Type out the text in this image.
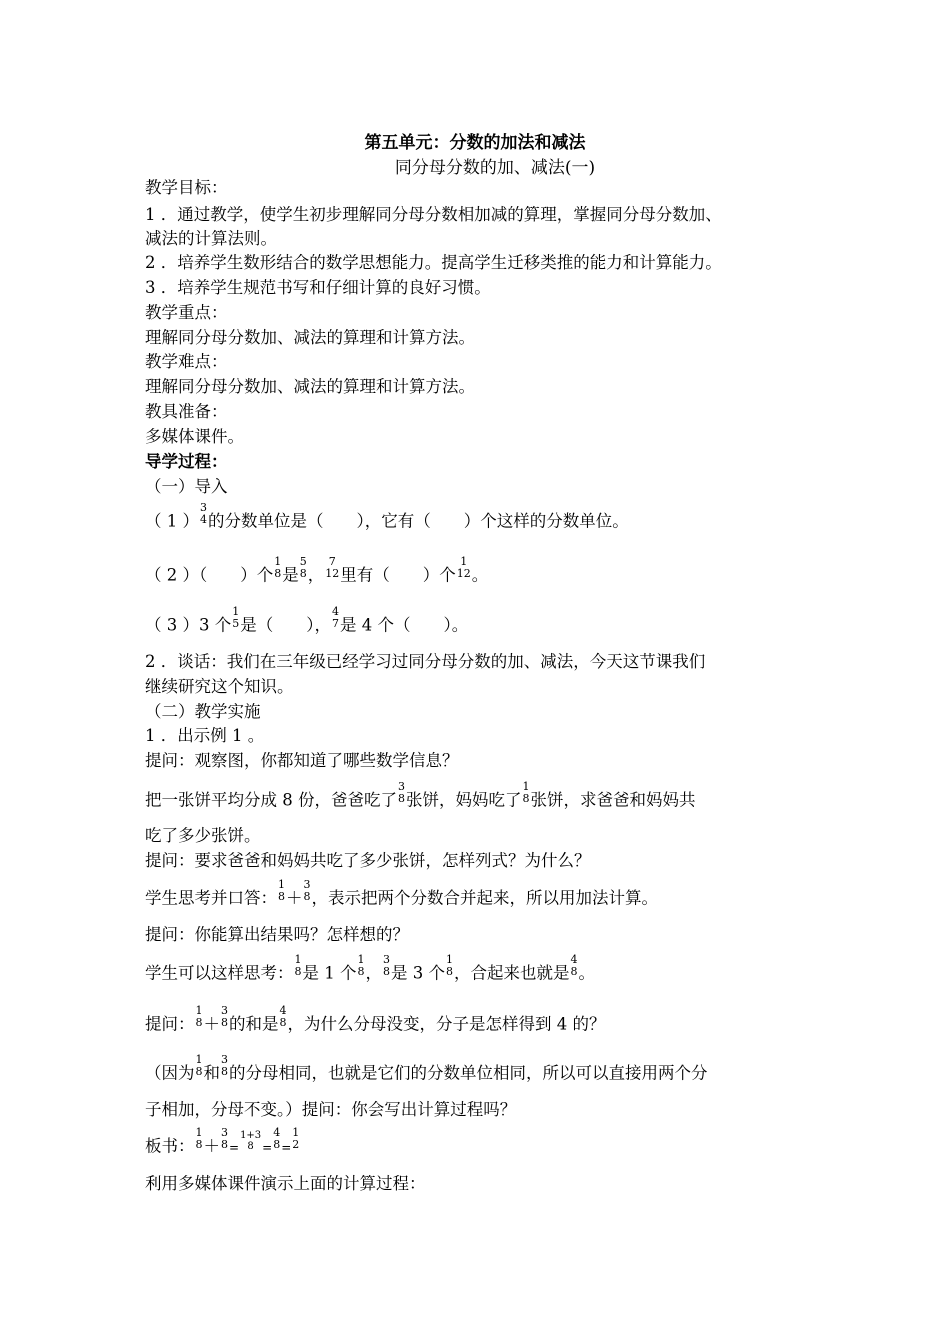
第五单元：分数的加法和减法
同分母分数的加、减法(一)
教学目标：
1 ．通过教学，使学生初步理解同分母分数相加减的算理，掌握同分母分数加、
减法的计算法则。
2 ．培养学生数形结合的数学思想能力。提高学生迁移类推的能力和计算能力。
3 ．培养学生规范书写和仔细计算的良好习惯。
教学重点：
理解同分母分数加、减法的算理和计算方法。
教学难点：
理解同分母分数加、减法的算理和计算方法。
教具准备：
多媒体课件。
导学过程：
（一）导入
（ 1 ）
3
4 的分数单位是（　　），它有（　　）个这样的分数单位。
（ 2 ）（　　）个
1
8 是
5
8 ，
7
12 里有（　　）个
1
12 。
（ 3 ）3 个
1
5 是（　　），
4
7 是 4 个（　　）。
2 ．谈话：我们在三年级已经学习过同分母分数的加、减法，今天这节课我们
继续研究这个知识。
（二）教学实施
1 ．出示例 1 。
提问：观察图，你都知道了哪些数学信息？
把一张饼平均分成 8 份，爸爸吃了
3
8 张饼，妈妈吃了
1
8 张饼，求爸爸和妈妈共
吃了多少张饼。
提问：要求爸爸和妈妈共吃了多少张饼，怎样列式？为什么？
学生思考并口答：
1
8 ＋
3
8 ，表示把两个分数合并起来，所以用加法计算。
提问：你能算出结果吗？怎样想的？
学生可以这样思考：
1
8 是 1 个
1
8 ，
3
8 是 3 个
1
8 ，合起来也就是
4
8 。
提问：
1
8 ＋
3
8 的和是
4
8 ，为什么分母没变，分子是怎样得到 4 的？
（因为
1
8 和
3
8 的分母相同，也就是它们的分数单位相同，所以可以直接用两个分
子相加，分母不变。）提问：你会写出计算过程吗？
板书：
1
8 ＋
3
8 =
1+3
8 =
4
8 =
1
2
利用多媒体课件演示上面的计算过程：
